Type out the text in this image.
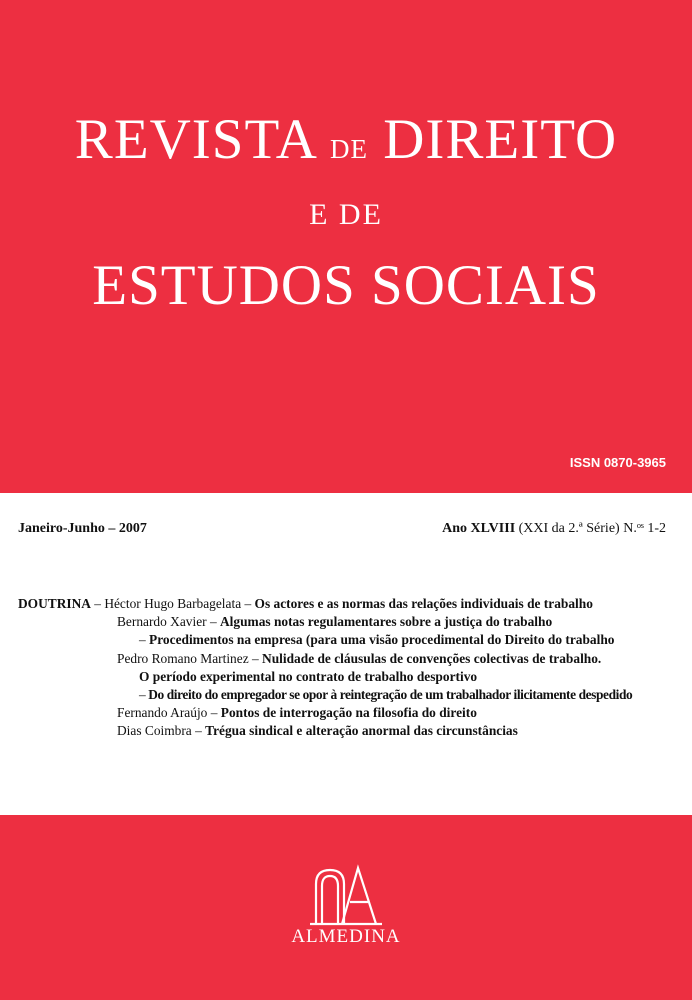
REVISTA DE DIREITO
E DE
ESTUDOS SOCIAIS
ISSN 0870-3965
Janeiro-Junho – 2007	Ano XLVIII (XXI da 2.ª Série) N.ᵒˢ 1-2
DOUTRINA – Héctor Hugo Barbagelata – Os actores e as normas das relações individuais de trabalho
Bernardo Xavier – Algumas notas regulamentares sobre a justiça do trabalho
– Procedimentos na empresa (para uma visão procedimental do Direito do trabalho
Pedro Romano Martinez – Nulidade de cláusulas de convenções colectivas de trabalho.
O período experimental no contrato de trabalho desportivo
– Do direito do empregador se opor à reintegração de um trabalhador ilicitamente despedido
Fernando Araújo – Pontos de interrogação na filosofia do direito
Dias Coimbra – Trégua sindical e alteração anormal das circunstâncias
ALMEDINA
